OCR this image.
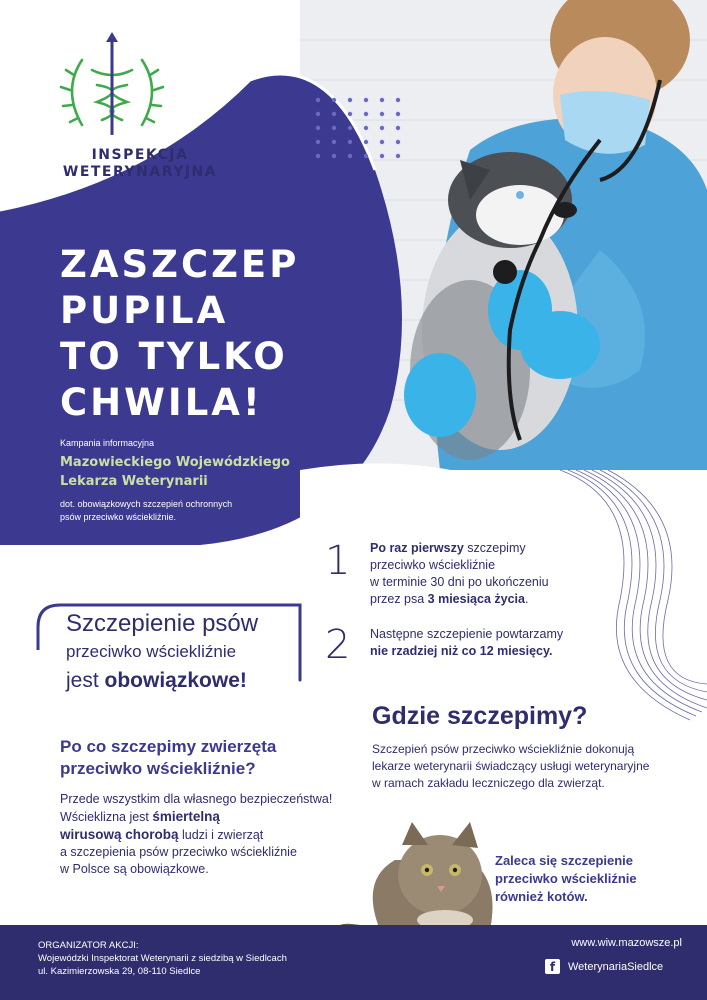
INSPEKCJA
WETERYNARYJNA
ZASZCZEP
PUPILA
TO TYLKO
CHWILA!
Kampania informacyjna
Mazowieckiego Wojewódzkiego
Lekarza Weterynarii
dot. obowiązkowych szczepień ochronnych
psów przeciwko wściekliźnie.
1 Po raz pierwszy szczepimy
przeciwko wściekliźnie
w terminie 30 dni po ukończeniu
przez psa 3 miesiąca życia.
2 Następne szczepienie powtarzamy
nie rzadziej niż co 12 miesięcy.
Szczepienie psów
przeciwko wściekliźnie
jest obowiązkowe!
Gdzie szczepimy?
Szczepień psów przeciwko wściekliźnie dokonują
lekarze weterynarii świadczący usługi weterynaryjne
w ramach zakładu leczniczego dla zwierząt.
Po co szczepimy zwierzęta
przeciwko wściekliźnie?
Przede wszystkim dla własnego bezpieczeństwa!
Wścieklizna jest śmiertelną
wirusową chorobą ludzi i zwierząt
a szczepienia psów przeciwko wściekliźnie
w Polsce są obowiązkowe.
Zaleca się szczepienie
przeciwko wściekliźnie
również kotów.
ORGANIZATOR AKCJI:
Wojewódzki Inspektorat Weterynarii z siedzibą w Siedlcach
ul. Kazimierzowska 29, 08-110 Siedlce
www.wiw.mazowsze.pl
f	WeterynariaSiedlce
